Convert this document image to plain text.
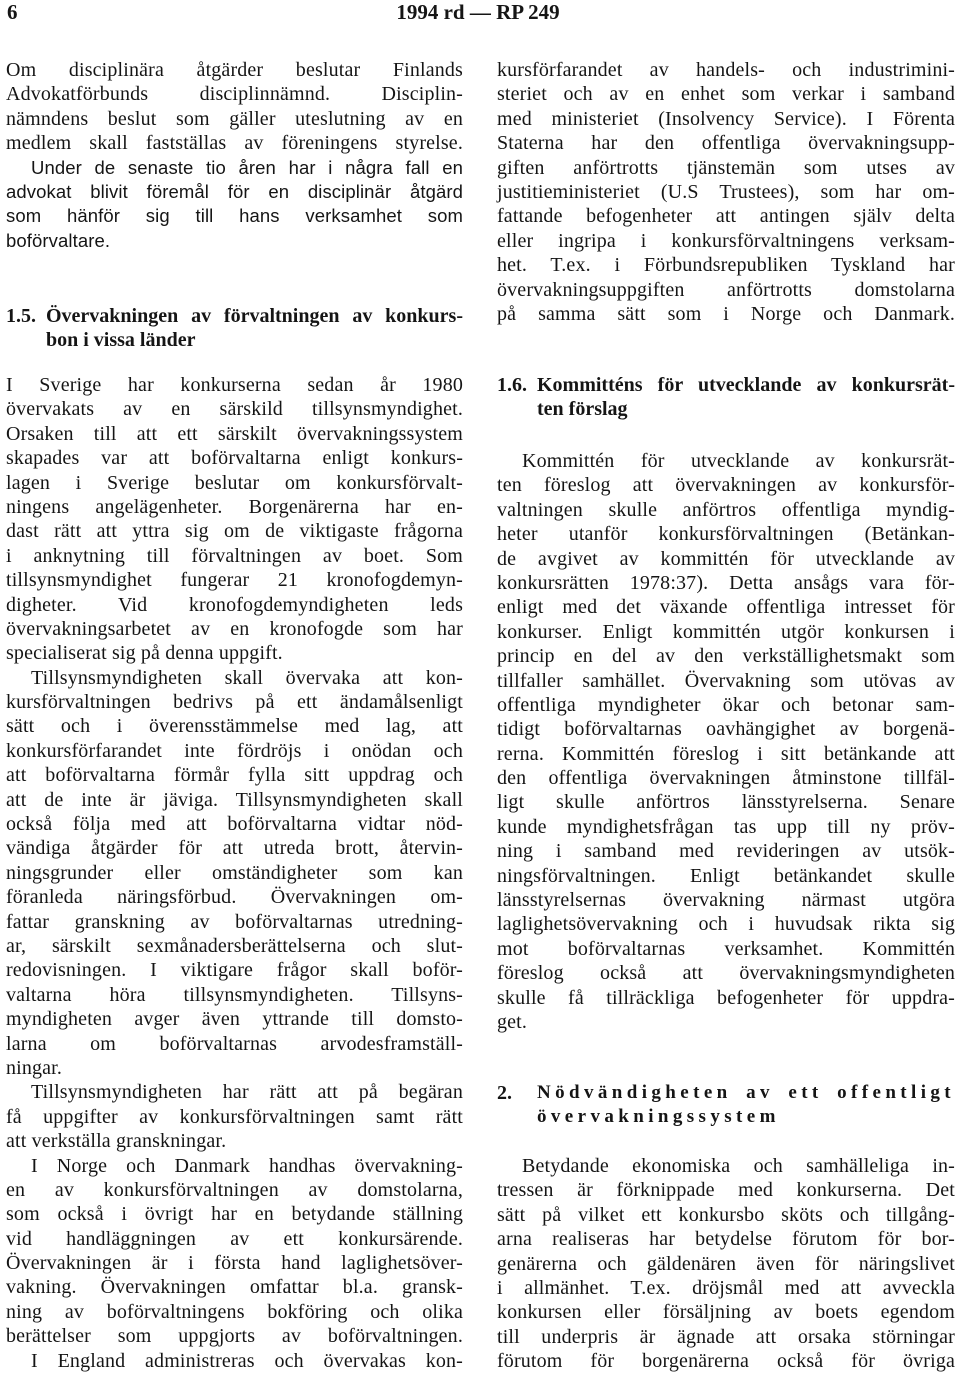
6	1994 rd — RP 249
Om disciplinära åtgärder beslutar Finlands
Advokatförbunds disciplinnämnd. Disciplin-
nämndens beslut som gäller uteslutning av en
medlem skall fastställas av föreningens styrelse.
Under de senaste tio åren har i några fall en
advokat blivit föremål för en disciplinär åtgärd
som hänför sig till hans verksamhet som
boförvaltare.
1.5. Övervakningen av förvaltningen av konkurs-
bon i vissa länder
I Sverige har konkurserna sedan år 1980
övervakats av en särskild tillsynsmyndighet.
Orsaken till att ett särskilt övervakningssystem
skapades var att boförvaltarna enligt konkurs-
lagen i Sverige beslutar om konkursförvalt-
ningens angelägenheter. Borgenärerna har en-
dast rätt att yttra sig om de viktigaste frågorna
i anknytning till förvaltningen av boet. Som
tillsynsmyndighet fungerar 21 kronofogdemyn-
digheter. Vid kronofogdemyndigheten leds
övervakningsarbetet av en kronofogde som har
specialiserat sig på denna uppgift.
Tillsynsmyndigheten skall övervaka att kon-
kursförvaltningen bedrivs på ett ändamålsenligt
sätt och i överensstämmelse med lag, att
konkursförfarandet inte fördröjs i onödan och
att boförvaltarna förmår fylla sitt uppdrag och
att de inte är jäviga. Tillsynsmyndigheten skall
också följa med att boförvaltarna vidtar nöd-
vändiga åtgärder för att utreda brott, återvin-
ningsgrunder eller omständigheter som kan
föranleda näringsförbud. Övervakningen om-
fattar granskning av boförvaltarnas utredning-
ar, särskilt sexmånadersberättelserna och slut-
redovisningen. I viktigare frågor skall boför-
valtarna höra tillsynsmyndigheten. Tillsyns-
myndigheten avger även yttrande till domsto-
larna om boförvaltarnas arvodesframställ-
ningar.
Tillsynsmyndigheten har rätt att på begäran
få uppgifter av konkursförvaltningen samt rätt
att verkställa granskningar.
I Norge och Danmark handhas övervakning-
en av konkursförvaltningen av domstolarna,
som också i övrigt har en betydande ställning
vid handläggningen av ett konkursärende.
Övervakningen är i första hand laglighetsöver-
vakning. Övervakningen omfattar bl.a. gransk-
ning av boförvaltningens bokföring och olika
berättelser som uppgjorts av boförvaltningen.
I England administreras och övervakas kon-
kursförfarandet av handels- och industrimini-
steriet och av en enhet som verkar i samband
med ministeriet (Insolvency Service). I Förenta
Staterna har den offentliga övervakningsupp-
giften anförtrotts tjänstemän som utses av
justitieministeriet (U.S Trustees), som har om-
fattande befogenheter att antingen själv delta
eller ingripa i konkursförvaltningens verksam-
het. T.ex. i Förbundsrepubliken Tyskland har
övervakningsuppgiften anförtrotts domstolarna
på samma sätt som i Norge och Danmark.
1.6. Kommitténs för utvecklande av konkursrät-
ten förslag
Kommittén för utvecklande av konkursrät-
ten föreslog att övervakningen av konkursför-
valtningen skulle anförtros offentliga myndig-
heter utanför konkursförvaltningen (Betänkan-
de avgivet av kommittén för utvecklande av
konkursrätten 1978:37). Detta ansågs vara för-
enligt med det växande offentliga intresset för
konkurser. Enligt kommittén utgör konkursen i
princip en del av den verkställighetsmakt som
tillfaller samhället. Övervakning som utövas av
offentliga myndigheter ökar och betonar sam-
tidigt boförvaltarnas oavhängighet av borgenä-
rerna. Kommittén föreslog i sitt betänkande att
den offentliga övervakningen åtminstone tillfäl-
ligt skulle anförtros länsstyrelserna. Senare
kunde myndighetsfrågan tas upp till ny pröv-
ning i samband med revideringen av utsök-
ningsförvaltningen. Enligt betänkandet skulle
länsstyrelsernas övervakning närmast utgöra
laglighetsövervakning och i huvudsak rikta sig
mot boförvaltarnas verksamhet. Kommittén
föreslog också att övervakningsmyndigheten
skulle få tillräckliga befogenheter för uppdra-
get.
2. Nödvändigheten av ett offentligt
övervakningssystem
Betydande ekonomiska och samhälleliga in-
tressen är förknippade med konkurserna. Det
sätt på vilket ett konkursbo sköts och tillgång-
arna realiseras har betydelse förutom för bor-
genärerna och gäldenären även för näringslivet
i allmänhet. T.ex. dröjsmål med att avveckla
konkursen eller försäljning av boets egendom
till underpris är ägnade att orsaka störningar
förutom för borgenärerna också för övriga
